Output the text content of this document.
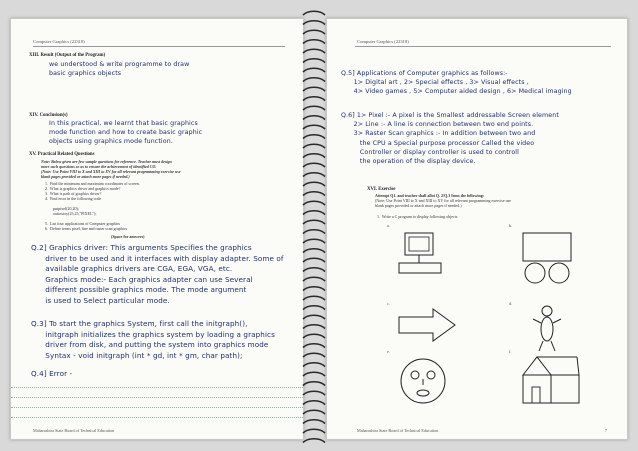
Computer Graphics (22318)
XIII. Result (Output of the Program)
we understood & write programme to draw
basic graphics objects
XIV. Conclusion(s)
In this practical, we learnt that basic graphics
mode function and how to create basic graphic
objects using graphics mode function.
XV. Practical Related Questions
Note: Below given are few sample questions for reference. Teacher must design
more such questions so as to ensure the achievement of identified CO.
(Note: Use Point VIII to X and XIII to XV for all relevant programming exercise use
blank pages provided or attach more pages if needed.)
1.  Find the minimum and maximum coordinates of screen.
2.  What is graphics driver and graphics mode?
3.  What is path of graphics driver?
4.  Find error in the following code

putpixel(20,20);
outtextxy(25,25,"PIXEL");

5.  List four applications of Computer graphics
6.  Define terms pixel, line and raster scan graphics
(Space for answers)
Q.2] Graphics driver: This arguments Specifies the graphics
driver to be used and it interfaces with display adapter. Some of
available graphics drivers are CGA, EGA, VGA, etc.
Graphics mode:- Each graphics adapter can use Several
different possible graphics mode. The mode argument
is used to Select particular mode.
Q.3] To start the graphics System, first call the initgraph(),
initgraph initializes the graphics system by loading a graphics
driver from disk, and putting the system into graphics mode
Syntax - void initgraph (int * gd, int * gm, char path);
Q.4] Error -
Maharashtra State Board of Technical Education
Computer Graphics (22318)
Q.5] Applications of Computer graphics as follows:-
1> Digital art , 2> Special effects , 3> Visual effects ,
4> Video games , 5> Computer aided design , 6> Medical imaging
Q.6] 1> Pixel :- A pixel is the Smallest addressable Screen element
2> Line :- A line is connection between two end points.
3> Raster Scan graphics :- In addition between two and
the CPU a Special purpose processor Called the video
Controller or display controller is used to controll
the operation of the display device.
XVI. Exercise
Attempt Q1. and teacher shall allot Q. 2/Q.3 from the following:
(Note: Use Point VIII to X and XIII to XV for all relevant programming exercise use
blank pages provided or attach more pages if needed.)
1.  Write a C program to display following objects
a.	b.
c.	d.
e.	f.
Maharashtra State Board of Technical Education	7
